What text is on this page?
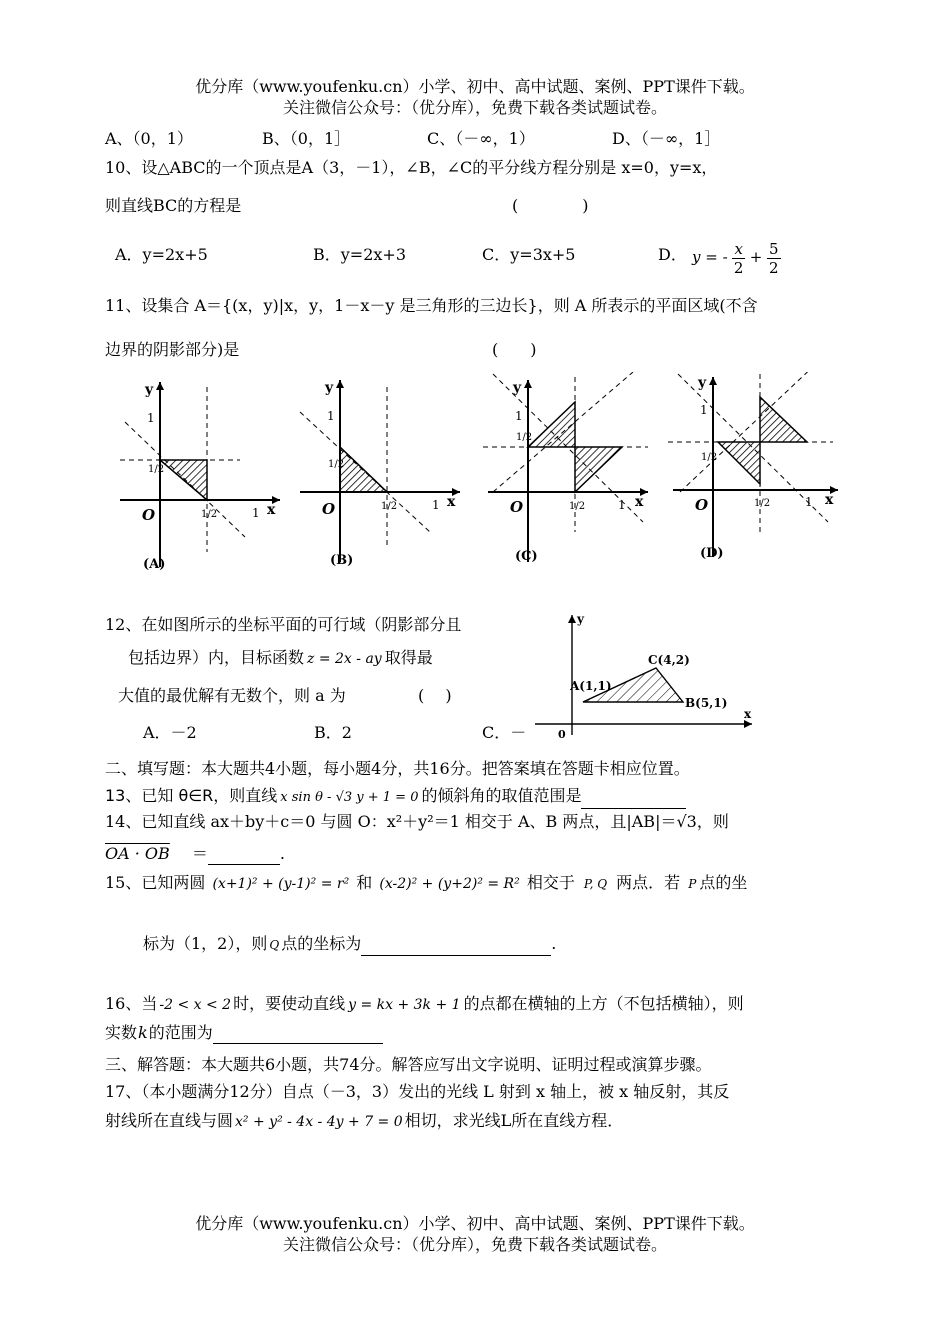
优分库（www.youfenku.cn）小学、初中、高中试题、案例、PPT课件下载。
关注微信公众号：（优分库），免费下载各类试题试卷。
A、（0，1）	B、（0，1］	C、（－∞，1）	D、（－∞，1］
10、设△ABC的一个顶点是A（3，－1），∠B，∠C的平分线方程分别是 x=0，y=x，
则直线BC的方程是	(　　　　)
A．y=2x+5	B．y=2x+3	C．y=3x+5	D． y = - $\frac{x}{2} + \frac{5}{2}$
11、设集合 A＝{(x，y)|x，y，1－x－y 是三角形的三边长}，则 A 所表示的平面区域(不含
边界的阴影部分)是	(　　)
y
1
1/2
O	1/2	1 x
(A)
y
1
1/2
O	1/2	1 x
(B)
y
1
1/2
O	1/2	1 x
(C)
y
1
1/2
O	1/2	1 x
(D)
12、在如图所示的坐标平面的可行域（阴影部分且
包括边界）内，目标函数 z = 2x - ay 取得最
大值的最优解有无数个，则 a 为	(　 )
A．－2	B．2	C．－
y
x
0
A(1,1)
B(5,1)
C(4,2)
二、填写题：本大题共4小题，每小题4分，共16分。把答案填在答题卡相应位置。
13、已知 θ∈R，则直线 x sin θ - √3 y + 1 = 0 的倾斜角的取值范围是
14、已知直线 ax＋by＋c＝0 与圆 O：x²＋y²＝1 相交于 A、B 两点，且|AB|＝√3，则
OA · OB ＝	.
15、已知两圆 (x+1)² + (y-1)² = r² 和 (x-2)² + (y+2)² = R² 相交于 P, Q 两点．若 P 点的坐
标为（1，2），则 Q 点的坐标为	.
16、当 -2 < x < 2 时，要使动直线 y = kx + 3k + 1 的点都在横轴的上方（不包括横轴），则
实数k的范围为
三、解答题：本大题共6小题，共74分。解答应写出文字说明、证明过程或演算步骤。
17、（本小题满分12分）自点（－3，3）发出的光线 L 射到 x 轴上，被 x 轴反射，其反
射线所在直线与圆 x² + y² - 4x - 4y + 7 = 0 相切，求光线L所在直线方程．
优分库（www.youfenku.cn）小学、初中、高中试题、案例、PPT课件下载。
关注微信公众号：（优分库），免费下载各类试题试卷。
